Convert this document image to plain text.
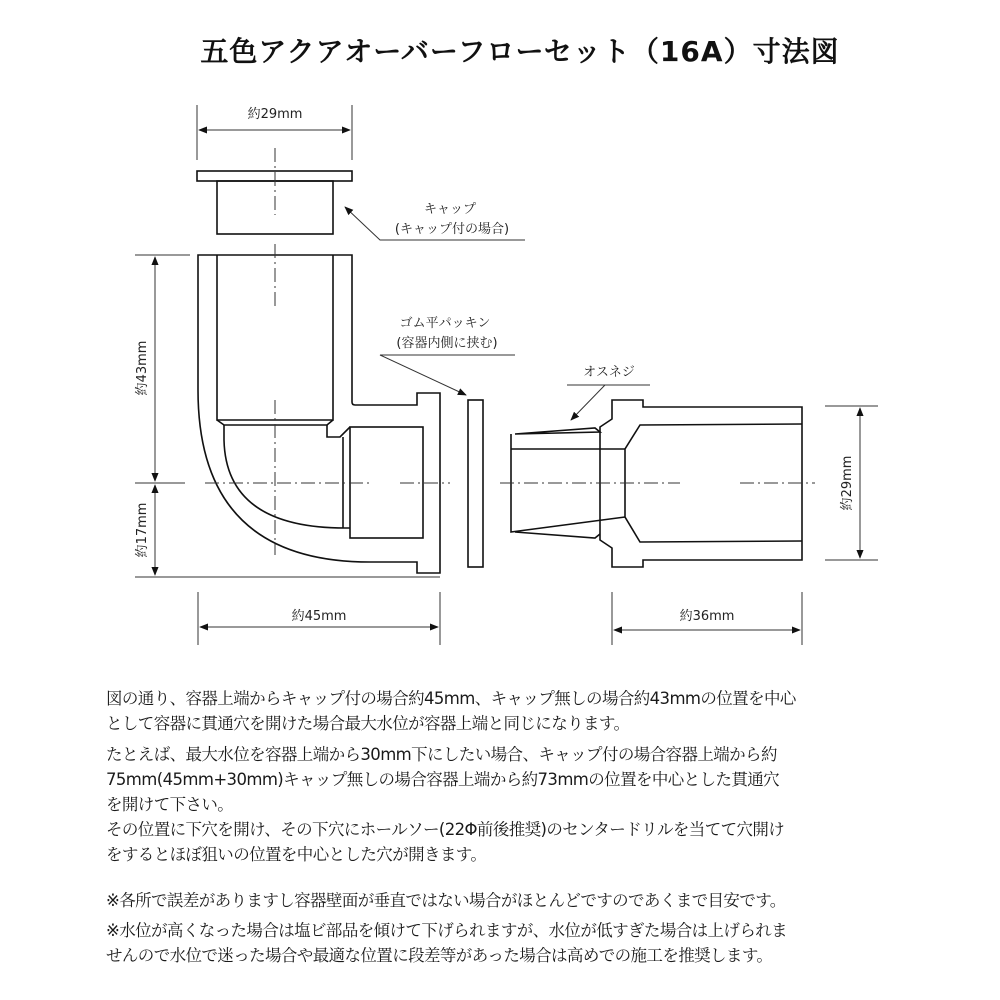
五色アクアオーバーフローセット（16A）寸法図
約29mm
約43mm
約17mm
約45mm	約36mm
約29mm
キャップ
(キャップ付の場合)
ゴム平パッキン
(容器内側に挟む)
オスネジ
図の通り、容器上端からキャップ付の場合約45mm、キャップ無しの場合約43mmの位置を中心
として容器に貫通穴を開けた場合最大水位が容器上端と同じになります。
たとえば、最大水位を容器上端から30mm下にしたい場合、キャップ付の場合容器上端から約
75mm(45mm+30mm)キャップ無しの場合容器上端から約73mmの位置を中心とした貫通穴
を開けて下さい。
その位置に下穴を開け、その下穴にホールソー(22Φ前後推奨)のセンタードリルを当てて穴開け
をするとほぼ狙いの位置を中心とした穴が開きます。
※各所で誤差がありますし容器壁面が垂直ではない場合がほとんどですのであくまで目安です。
※水位が高くなった場合は塩ビ部品を傾けて下げられますが、水位が低すぎた場合は上げられま
せんので水位で迷った場合や最適な位置に段差等があった場合は高めでの施工を推奨します。
